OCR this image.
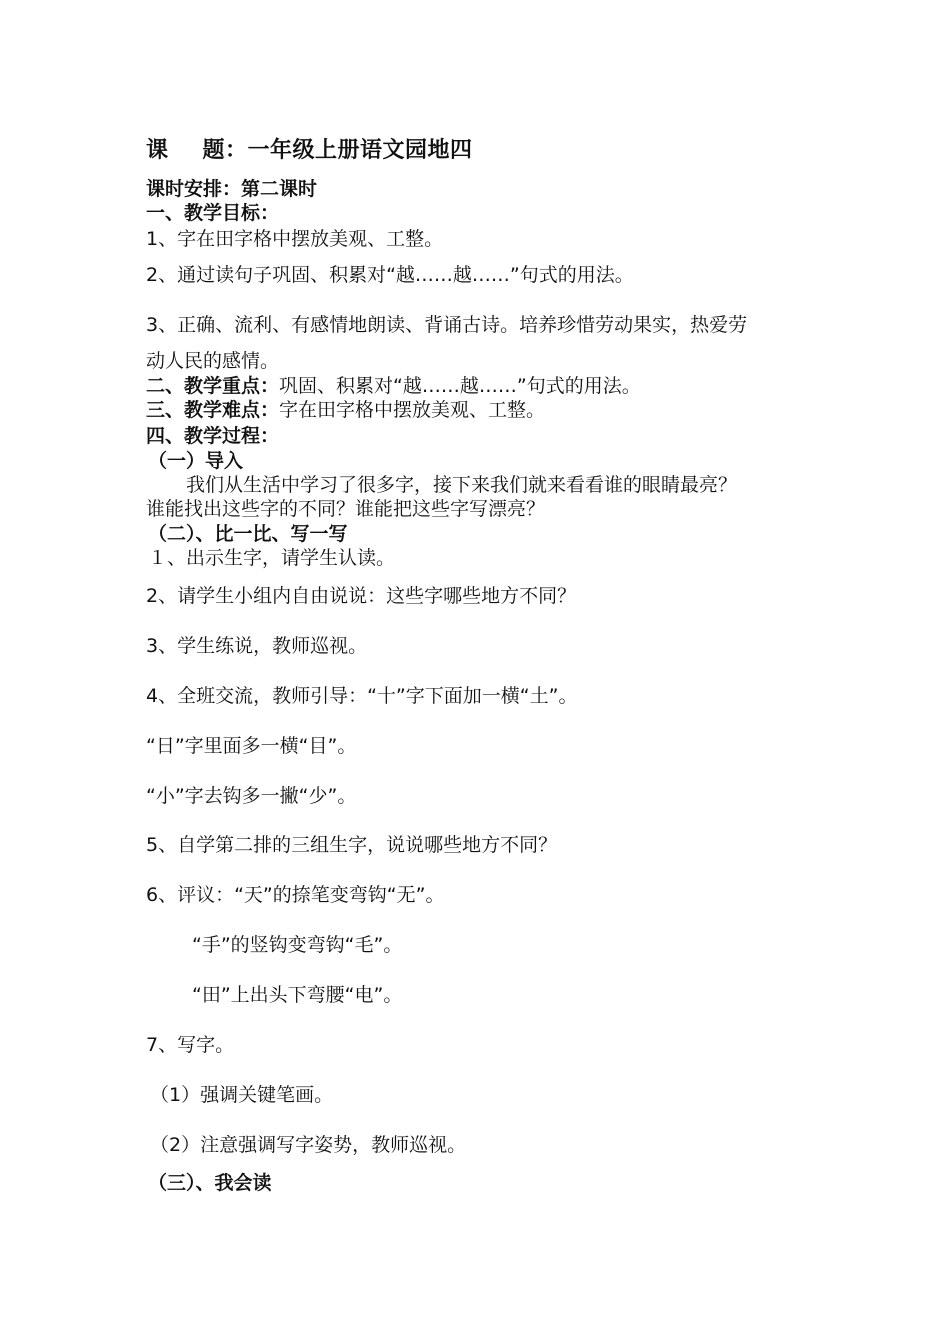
课 题：一年级上册语文园地四
课时安排：第二课时
一、教学目标：
1、字在田字格中摆放美观、工整。
2、通过读句子巩固、积累对“越……越……”句式的用法。
3、正确、流利、有感情地朗读、背诵古诗。培养珍惜劳动果实，热爱劳
动人民的感情。
二、教学重点：巩固、积累对“越……越……”句式的用法。
三、教学难点：字在田字格中摆放美观、工整。
四、教学过程：
（一）导入
我们从生活中学习了很多字，接下来我们就来看看谁的眼睛最亮？
谁能找出这些字的不同？谁能把这些字写漂亮？
（二）、比一比、写一写
１、出示生字，请学生认读。
2、请学生小组内自由说说：这些字哪些地方不同？
3、学生练说，教师巡视。
4、全班交流，教师引导：“十”字下面加一横“土”。
“日”字里面多一横“目”。
“小”字去钩多一撇“少”。
5、自学第二排的三组生字，说说哪些地方不同？
6、评议：“天”的捺笔变弯钩“无”。
“手”的竖钩变弯钩“毛”。
“田”上出头下弯腰“电”。
7、写字。
（1）强调关键笔画。
（2）注意强调写字姿势，教师巡视。
（三）、我会读
